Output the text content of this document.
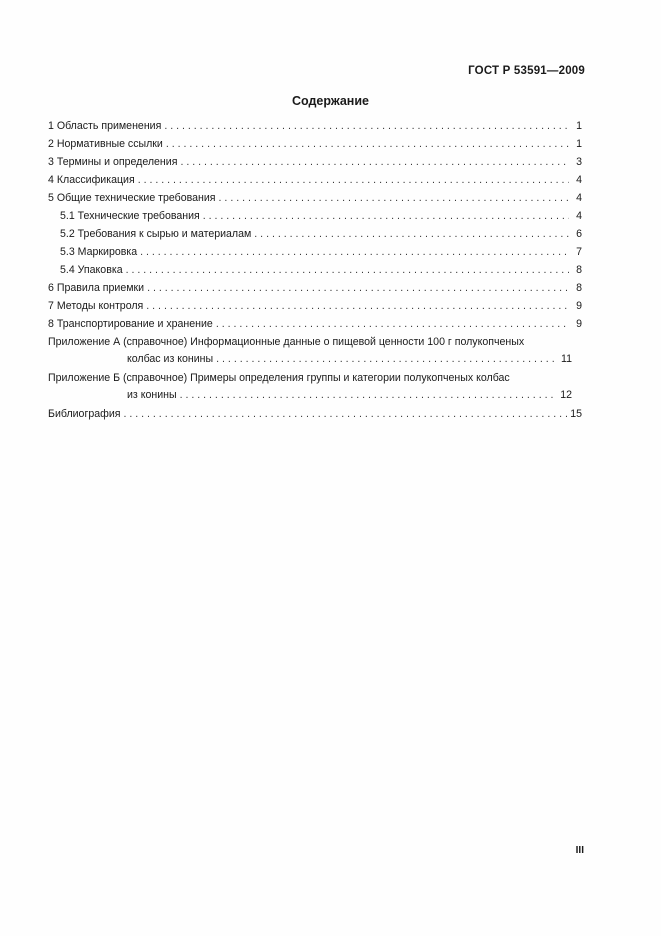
ГОСТ Р 53591—2009
Содержание
1 Область применения . . .	1
2 Нормативные ссылки . . .	1
3 Термины и определения . . .	3
4 Классификация . . .	4
5 Общие технические требования . . .	4
5.1 Технические требования . . .	4
5.2 Требования к сырью и материалам . . .	6
5.3 Маркировка . . .	7
5.4 Упаковка . . .	8
6 Правила приемки . . .	8
7 Методы контроля . . .	9
8 Транспортирование и хранение . . .	9
Приложение А (справочное) Информационные данные о пищевой ценности 100 г полукопченых
колбас из конины . . .	11
Приложение Б (справочное) Примеры определения группы и категории полукопченых колбас
из конины . . .	12
Библиография . . .	15
III
